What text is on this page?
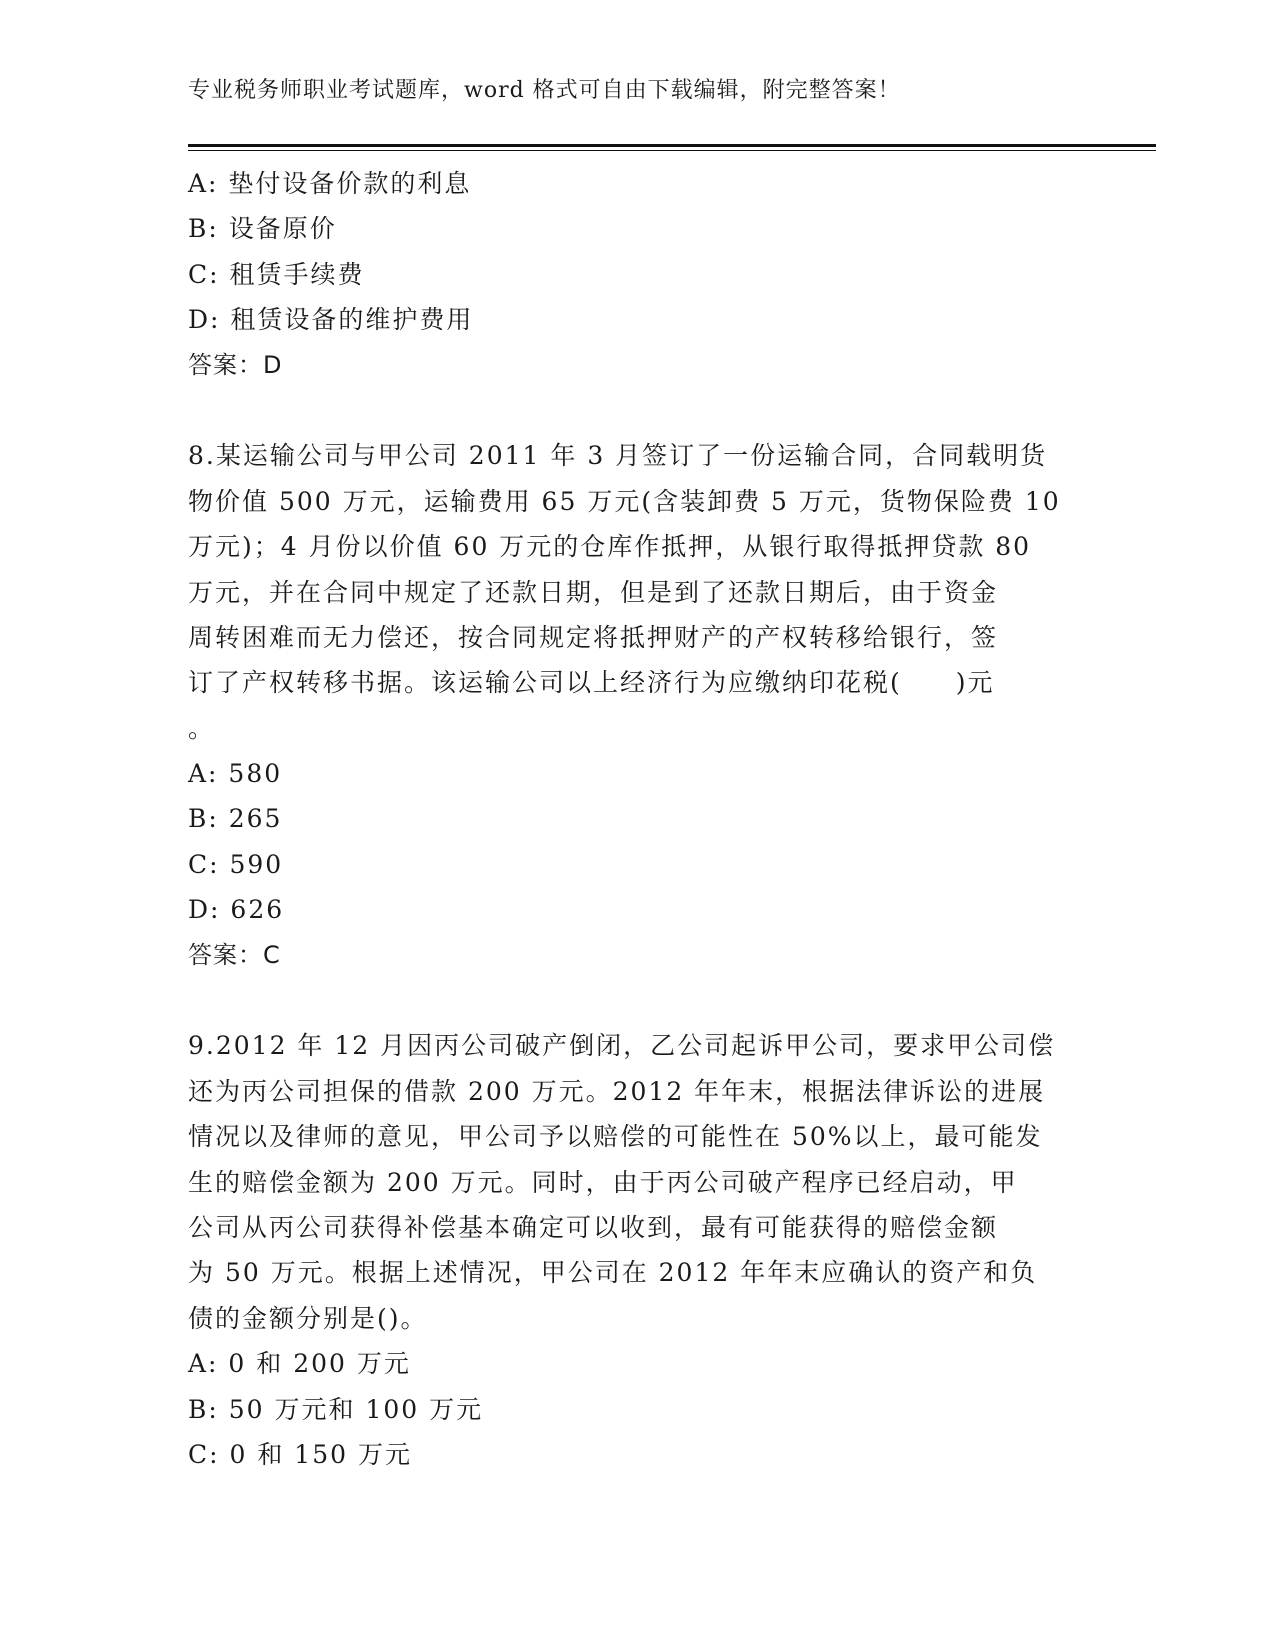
专业税务师职业考试题库，word 格式可自由下载编辑，附完整答案！
A: 垫付设备价款的利息
B: 设备原价
C: 租赁手续费
D: 租赁设备的维护费用
答案：D
8.某运输公司与甲公司 2011 年 3 月签订了一份运输合同，合同载明货
物价值 500 万元，运输费用 65 万元(含装卸费 5 万元，货物保险费 10
万元)；4 月份以价值 60 万元的仓库作抵押，从银行取得抵押贷款 80
万元，并在合同中规定了还款日期，但是到了还款日期后，由于资金
周转困难而无力偿还，按合同规定将抵押财产的产权转移给银行，签
订了产权转移书据。该运输公司以上经济行为应缴纳印花税(　　)元
。
A: 580
B: 265
C: 590
D: 626
答案：C
9.2012 年 12 月因丙公司破产倒闭，乙公司起诉甲公司，要求甲公司偿
还为丙公司担保的借款 200 万元。2012 年年末，根据法律诉讼的进展
情况以及律师的意见，甲公司予以赔偿的可能性在 50%以上，最可能发
生的赔偿金额为 200 万元。同时，由于丙公司破产程序已经启动，甲
公司从丙公司获得补偿基本确定可以收到，最有可能获得的赔偿金额
为 50 万元。根据上述情况，甲公司在 2012 年年末应确认的资产和负
债的金额分别是()。
A: 0 和 200 万元
B: 50 万元和 100 万元
C: 0 和 150 万元
